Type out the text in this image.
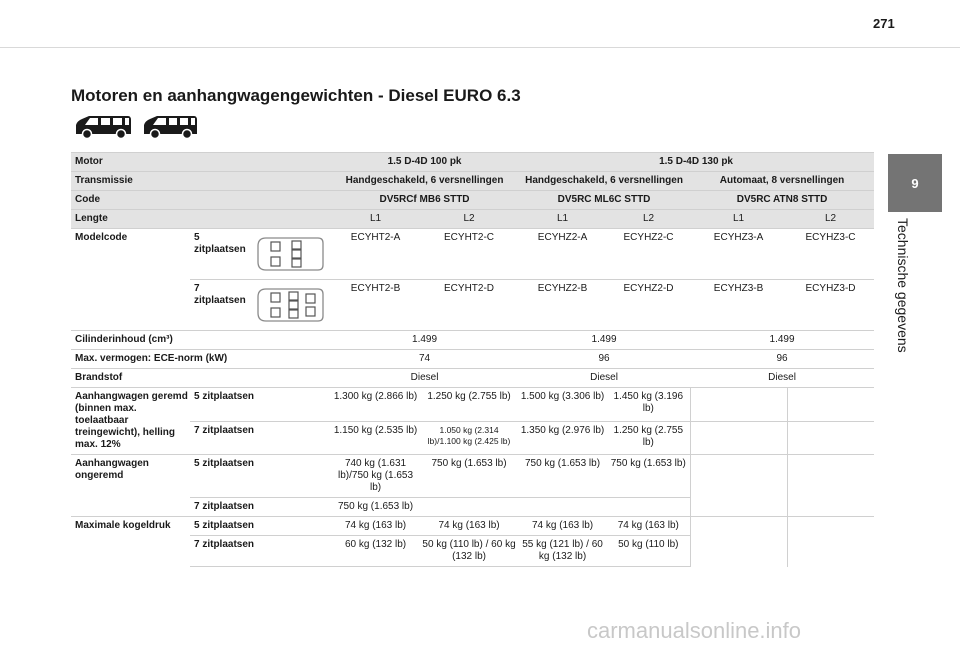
271
Motoren en aanhangwagengewichten - Diesel EURO 6.3
9
Technische gegevens
Motor			1.5 D-4D 100 pk		1.5 D-4D 130 pk			
Transmissie			Handgeschakeld, 6 versnellingen		Handgeschakeld, 6 versnellingen		Automaat, 8 versnellingen	
Code			DV5RCf MB6 STTD		DV5RC ML6C STTD		DV5RC ATN8 STTD	
Lengte			L1	L2	L1	L2	L1	L2
Modelcode	5 zitplaatsen		ECYHT2-A	ECYHT2-C	ECYHZ2-A	ECYHZ2-C	ECYHZ3-A	ECYHZ3-C
	7 zitplaatsen		ECYHT2-B	ECYHT2-D	ECYHZ2-B	ECYHZ2-D	ECYHZ3-B	ECYHZ3-D
Cilinderinhoud (cm³)			1.499		1.499		1.499	
Max. vermogen: ECE-norm (kW)			74		96		96	
Brandstof			Diesel		Diesel		Diesel	
Aanhangwagen geremd (binnen max. toelaatbaar treingewicht), helling max. 12%	5 zitplaatsen		1.300 kg (2.866 lb)	1.250 kg (2.755 lb)	1.500 kg (3.306 lb)	1.450 kg (3.196 lb)		
	7 zitplaatsen		1.150 kg (2.535 lb)	1.050 kg (2.314 lb)/1.100 kg (2.425 lb)	1.350 kg (2.976 lb)	1.250 kg (2.755 lb)		
Aanhangwagen ongeremd	5 zitplaatsen		740 kg (1.631 lb)/750 kg (1.653 lb)	750 kg (1.653 lb)	750 kg (1.653 lb)	750 kg (1.653 lb)		
	7 zitplaatsen		750 kg (1.653 lb)					
Maximale kogeldruk	5 zitplaatsen		74 kg (163 lb)	74 kg (163 lb)	74 kg (163 lb)	74 kg (163 lb)		
	7 zitplaatsen		60 kg (132 lb)	50 kg (110 lb) / 60 kg (132 lb)	55 kg (121 lb) / 60 kg (132 lb)	50 kg (110 lb)		
carmanualsonline.info
